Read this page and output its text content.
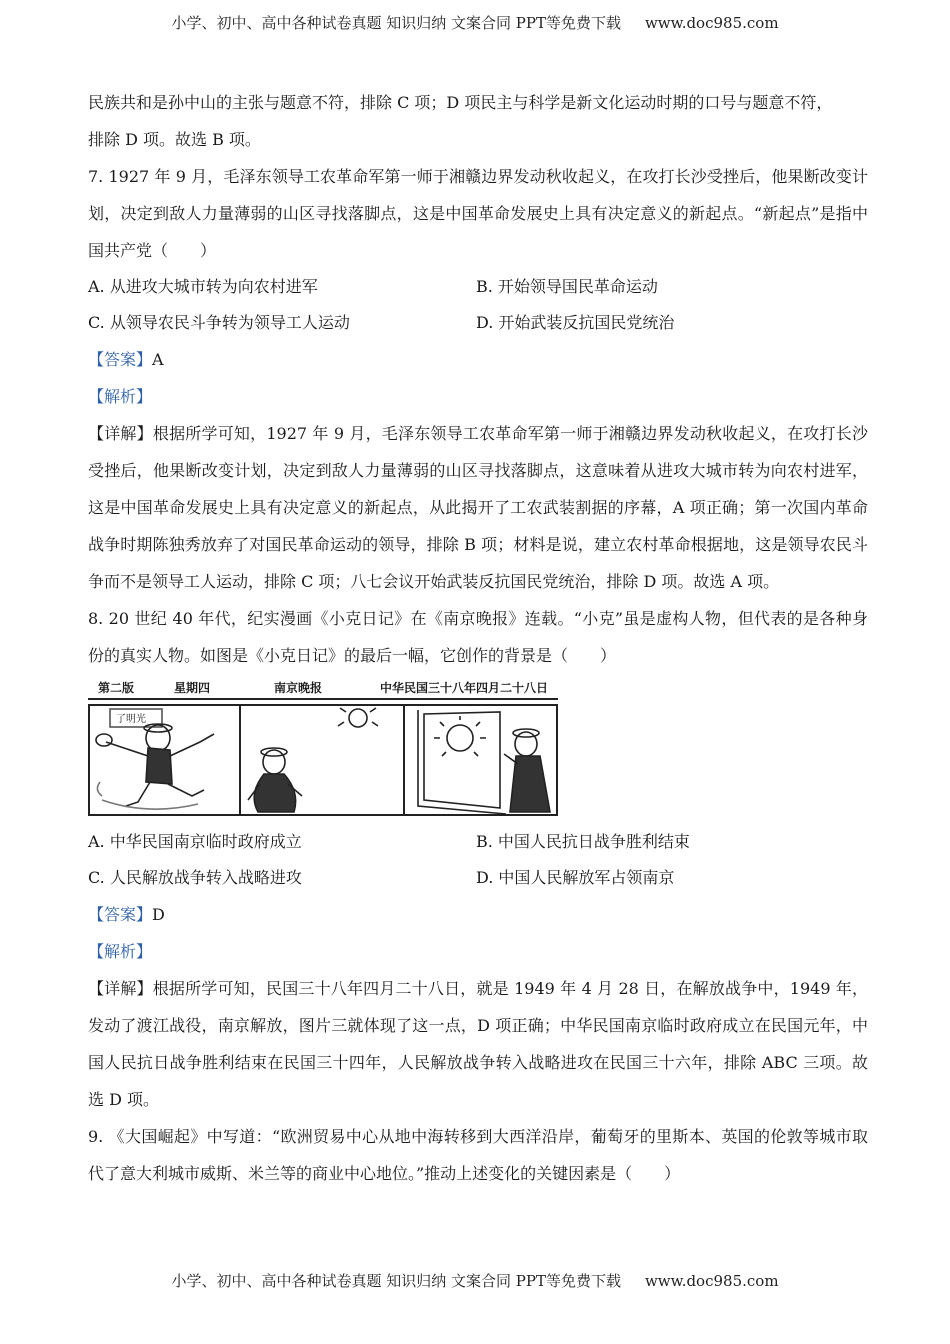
小学、初中、高中各种试卷真题 知识归纳 文案合同 PPT等免费下载 www.doc985.com

民族共和是孙中山的主张与题意不符，排除 C 项；D 项民主与科学是新文化运动时期的口号与题意不符，

排除 D 项。故选 B 项。

7. 1927 年 9 月，毛泽东领导工农革命军第一师于湘赣边界发动秋收起义，在攻打长沙受挫后，他果断改变计划，决定到敌人力量薄弱的山区寻找落脚点，这是中国革命发展史上具有决定意义的新起点。“新起点”是指中国共产党（　　）

A. 从进攻大城市转为向农村进军	B. 开始领导国民革命运动
C. 从领导农民斗争转为领导工人运动	D. 开始武装反抗国民党统治

【答案】A

【解析】

【详解】根据所学可知，1927 年 9 月，毛泽东领导工农革命军第一师于湘赣边界发动秋收起义，在攻打长沙受挫后，他果断改变计划，决定到敌人力量薄弱的山区寻找落脚点，这意味着从进攻大城市转为向农村进军，这是中国革命发展史上具有决定意义的新起点，从此揭开了工农武装割据的序幕，A 项正确；第一次国内革命战争时期陈独秀放弃了对国民革命运动的领导，排除 B 项；材料是说，建立农村革命根据地，这是领导农民斗争而不是领导工人运动，排除 C 项；八七会议开始武装反抗国民党统治，排除 D 项。故选 A 项。

8. 20 世纪 40 年代，纪实漫画《小克日记》在《南京晚报》连载。“小克”虽是虚构人物，但代表的是各种身份的真实人物。如图是《小克日记》的最后一幅，它创作的背景是（　　）

第二版	星期四	南京晚报	中华民国三十八年四月二十八日
了明光
A. 中华民国南京临时政府成立	B. 中国人民抗日战争胜利结束
C. 人民解放战争转入战略进攻	D. 中国人民解放军占领南京

【答案】D

【解析】

【详解】根据所学可知，民国三十八年四月二十八日，就是 1949 年 4 月 28 日，在解放战争中，1949 年，发动了渡江战役，南京解放，图片三就体现了这一点，D 项正确；中华民国南京临时政府成立在民国元年，中国人民抗日战争胜利结束在民国三十四年，人民解放战争转入战略进攻在民国三十六年，排除 ABC 三项。故选 D 项。

9. 《大国崛起》中写道：“欧洲贸易中心从地中海转移到大西洋沿岸，葡萄牙的里斯本、英国的伦敦等城市取代了意大利城市威斯、米兰等的商业中心地位。”推动上述变化的关键因素是（　　）

小学、初中、高中各种试卷真题 知识归纳 文案合同 PPT等免费下载 www.doc985.com
